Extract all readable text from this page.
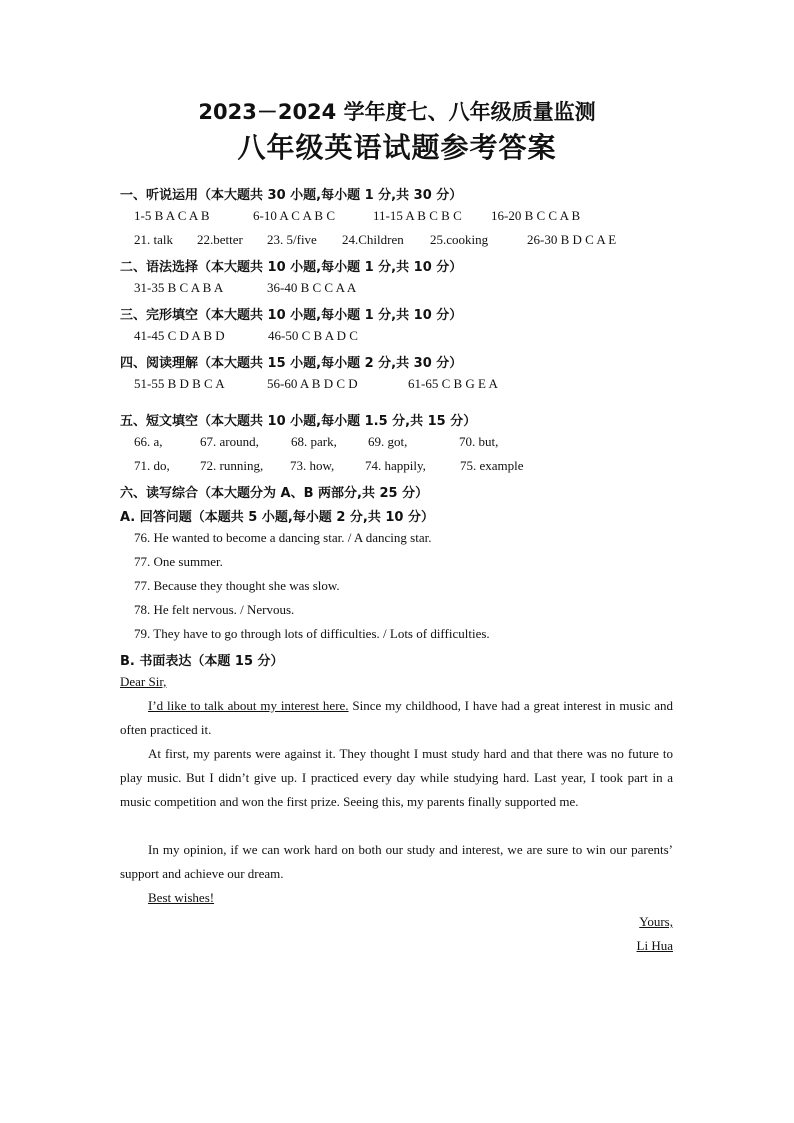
2023－2024 学年度七、八年级质量监测
八年级英语试题参考答案
一、听说运用（本大题共 30 小题,每小题 1 分,共 30 分）
1-5 B A C A B	6-10 A C A B C	11-15 A B C B C 16-20 B C C A B
21. talk 22.better 23. 5/five 24.Children 25.cooking	26-30 B D C A E
二、语法选择（本大题共 10 小题,每小题 1 分,共 10 分）
31-35 B C A B A	36-40 B C C A A
三、完形填空（本大题共 10 小题,每小题 1 分,共 10 分）
41-45 C D A B D	46-50 C B A D C
四、阅读理解（本大题共 15 小题,每小题 2 分,共 30 分）
51-55 B D B C A	56-60 A B D C D	61-65 C B G E A
五、短文填空（本大题共 10 小题,每小题 1.5 分,共 15 分）
66. a,	67. around, 68. park, 69. got,	70. but,
71. do, 72. running, 73. how, 74. happily,	75. example
六、读写综合（本大题分为 A、B 两部分,共 25 分）
A. 回答问题（本题共 5 小题,每小题 2 分,共 10 分）
76. He wanted to become a dancing star. / A dancing star.
77. One summer.
77. Because they thought she was slow.
78. He felt nervous. / Nervous.
79. They have to go through lots of difficulties. / Lots of difficulties.
B. 书面表达（本题 15 分）
Dear Sir,
I’d like to talk about my interest here. Since my childhood, I have had a great interest in music and often practiced it.
At first, my parents were against it. They thought I must study hard and that there was no future to play music. But I didn’t give up. I practiced every day while studying hard. Last year, I took part in a music competition and won the first prize. Seeing this, my parents finally supported me.
In my opinion, if we can work hard on both our study and interest, we are sure to win our parents’ support and achieve our dream.
Best wishes!
Yours,
Li Hua
